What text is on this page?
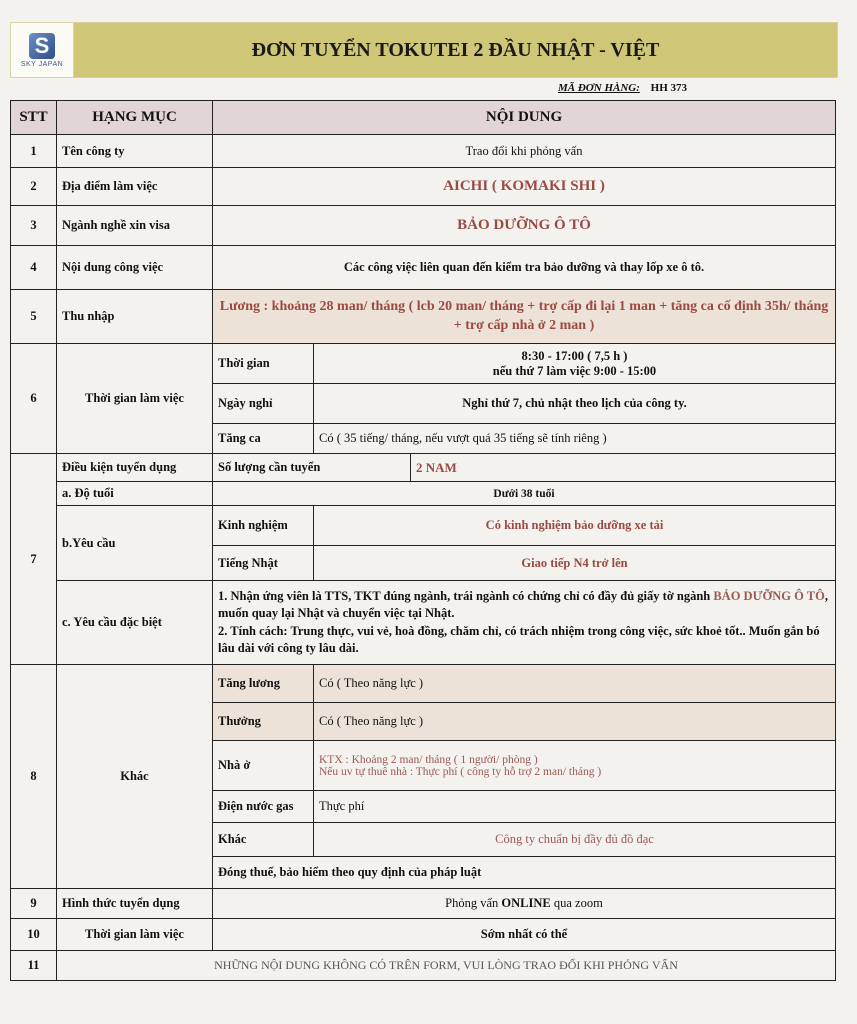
S
SKY JAPAN
ĐƠN TUYỂN TOKUTEI 2 ĐẦU NHẬT - VIỆT
MÃ ĐƠN HÀNG: HH 373
STT	HẠNG MỤC	NỘI DUNG		
1	Tên công ty	Trao đổi khi phỏng vấn		
2	Địa điểm làm việc	AICHI ( KOMAKI SHI )		
3	Ngành nghề xin visa	BẢO DƯỠNG Ô TÔ		
4	Nội dung công việc	Các công việc liên quan đến kiểm tra bảo dưỡng và thay lốp xe ô tô.		
5	Thu nhập	Lương : khoảng 28 man/ tháng ( lcb 20 man/ tháng + trợ cấp đi lại 1 man + tăng ca cố định 35h/ tháng + trợ cấp nhà ở 2 man )		
6	Thời gian làm việc	Thời gian	8:30 - 17:00 ( 7,5 h )
nếu thứ 7 làm việc 9:00 - 15:00	

		Ngày nghỉ	Nghỉ thứ 7, chủ nhật theo lịch của công ty.	
		Tăng ca	Có ( 35 tiếng/ tháng, nếu vượt quá 35 tiếng sẽ tính riêng )	
7	Điều kiện tuyển dụng	Số lượng cần tuyển		2 NAM
	a. Độ tuổi	Dưới 38 tuổi		
	b.Yêu cầu	Kinh nghiệm	Có kinh nghiệm bảo dưỡng xe tải	
		Tiếng Nhật	Giao tiếp N4 trở lên	
	c. Yêu cầu đặc biệt	1. Nhận ứng viên là TTS, TKT đúng ngành, trái ngành có chứng chỉ có đầy đủ giấy tờ ngành BẢO DƯỠNG Ô TÔ, muốn quay lại Nhật và chuyển việc tại Nhật.
2. Tính cách: Trung thực, vui vẻ, hoà đồng, chăm chỉ, có trách nhiệm trong công việc, sức khoẻ tốt.. Muốn gắn bó lâu dài với công ty lâu dài.		

8	Khác	Tăng lương	Có ( Theo năng lực )	
		Thưởng	Có ( Theo năng lực )	
		Nhà ở	KTX : Khoảng 2 man/ tháng ( 1 người/ phòng )
Nếu uv tự thuê nhà : Thực phí ( công ty hỗ trợ 2 man/ tháng )	

		Điện nước gas	Thực phí	
		Khác	Công ty chuẩn bị đầy đủ đồ đạc	
		Đóng thuế, bảo hiểm theo quy định của pháp luật		
9	Hình thức tuyển dụng	Phỏng vấn ONLINE qua zoom		
10	Thời gian làm việc	Sớm nhất có thể		
11	NHỮNG NỘI DUNG KHÔNG CÓ TRÊN FORM, VUI LÒNG TRAO ĐỔI KHI PHỎNG VẤN			
